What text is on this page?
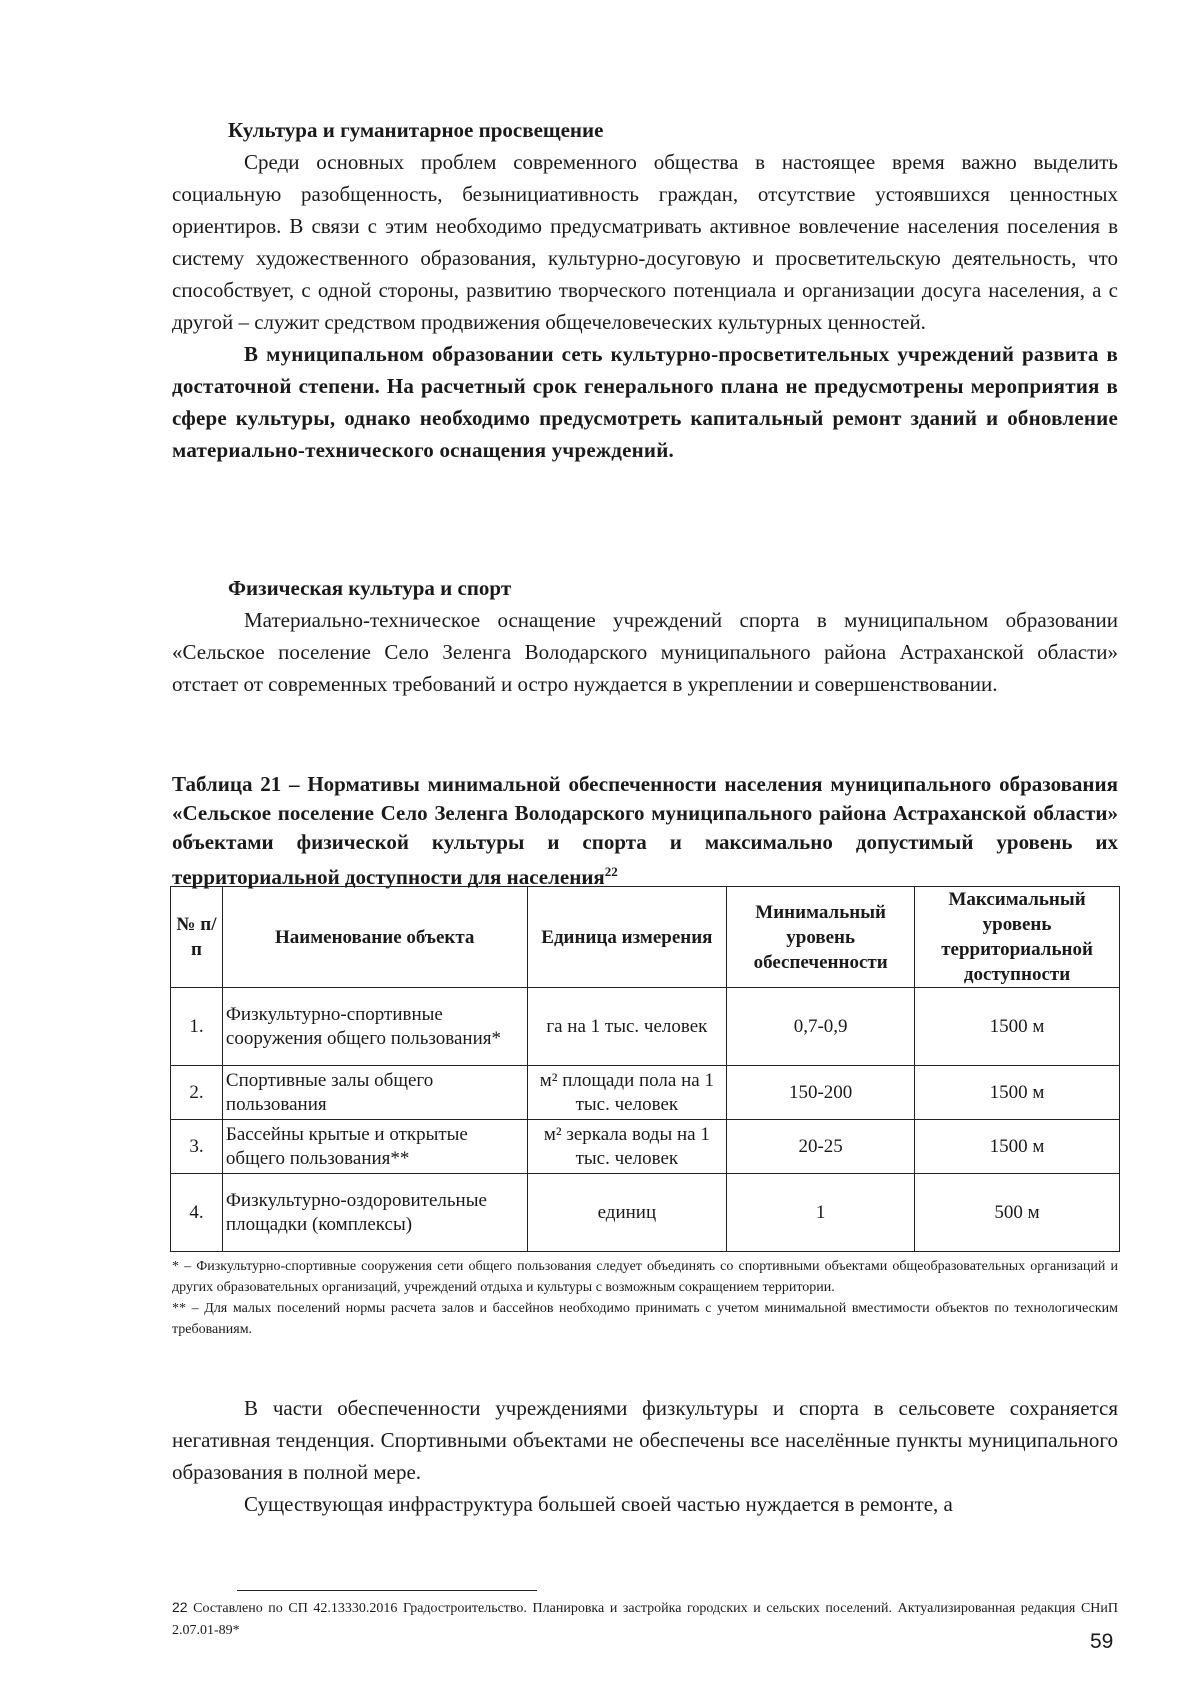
Культура и гуманитарное просвещение

Среди основных проблем современного общества в настоящее время важно выделить социальную разобщенность, безынициативность граждан, отсутствие устоявшихся ценностных ориентиров. В связи с этим необходимо предусматривать активное вовлечение населения поселения в систему художественного образования, культурно-досуговую и просветительскую деятельность, что способствует, с одной стороны, развитию творческого потенциала и организации досуга населения, а с другой – служит средством продвижения общечеловеческих культурных ценностей.

В муниципальном образовании сеть культурно-просветительных учреждений развита в достаточной степени. На расчетный срок генерального плана не предусмотрены мероприятия в сфере культуры, однако необходимо предусмотреть капитальный ремонт зданий и обновление материально-технического оснащения учреждений.

Физическая культура и спорт

Материально-техническое оснащение учреждений спорта в муниципальном образовании «Сельское поселение Село Зеленга Володарского муниципального района Астраханской области» отстает от современных требований и остро нуждается в укреплении и совершенствовании.

Таблица 21 – Нормативы минимальной обеспеченности населения муниципального образования «Сельское поселение Село Зеленга Володарского муниципального района Астраханской области» объектами физической культуры и спорта и максимально допустимый уровень их территориальной доступности для населения$^{22}$
№ п/п	Наименование объекта	Единица измерения	Минимальный уровень обеспеченности	Максимальный уровень территориальной доступности
1.	Физкультурно-спортивные сооружения общего пользования*	га на 1 тыс. человек	0,7-0,9	1500 м
2.	Спортивные залы общего пользования	м² площади пола на 1 тыс. человек	150-200	1500 м
3.	Бассейны крытые и открытые общего пользования**	м² зеркала воды на 1 тыс. человек	20-25	1500 м
4.	Физкультурно-оздоровительные площадки (комплексы)	единиц	1	500 м

* – Физкультурно-спортивные сооружения сети общего пользования следует объединять со спортивными объектами общеобразовательных организаций и других образовательных организаций, учреждений отдыха и культуры с возможным сокращением территории.

** – Для малых поселений нормы расчета залов и бассейнов необходимо принимать с учетом минимальной вместимости объектов по технологическим требованиям.

В части обеспеченности учреждениями физкультуры и спорта в сельсовете сохраняется негативная тенденция. Спортивными объектами не обеспечены все населённые пункты муниципального образования в полной мере.

Существующая инфраструктура большей своей частью нуждается в ремонте, а

22 Составлено по СП 42.13330.2016 Градостроительство. Планировка и застройка городских и сельских поселений. Актуализированная редакция СНиП 2.07.01-89*	59
